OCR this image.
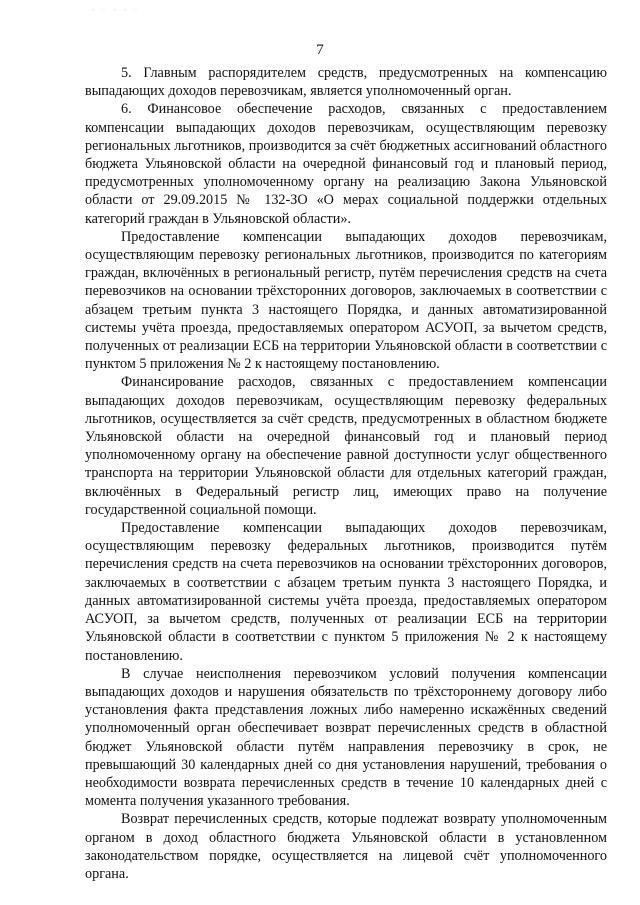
· · · · ·
7

5. Главным распорядителем средств, предусмотренных на компенсацию выпадающих доходов перевозчикам, является уполномоченный орган.

6. Финансовое обеспечение расходов, связанных с предоставлением компенсации выпадающих доходов перевозчикам, осуществляющим перевозку региональных льготников, производится за счёт бюджетных ассигнований областного бюджета Ульяновской области на очередной финансовый год и плановый период, предусмотренных уполномоченному органу на реализацию Закона Ульяновской области от 29.09.2015 № 132-ЗО «О мерах социальной поддержки отдельных категорий граждан в Ульяновской области».

Предоставление компенсации выпадающих доходов перевозчикам, осуществляющим перевозку региональных льготников, производится по категориям граждан, включённых в региональный регистр, путём перечисления средств на счета перевозчиков на основании трёхсторонних договоров, заключаемых в соответствии с абзацем третьим пункта 3 настоящего Порядка, и данных автоматизированной системы учёта проезда, предоставляемых оператором АСУОП, за вычетом средств, полученных от реализации ЕСБ на территории Ульяновской области в соответствии с пунктом 5 приложения № 2 к настоящему постановлению.

Финансирование расходов, связанных с предоставлением компенсации выпадающих доходов перевозчикам, осуществляющим перевозку федеральных льготников, осуществляется за счёт средств, предусмотренных в областном бюджете Ульяновской области на очередной финансовый год и плановый период уполномоченному органу на обеспечение равной доступности услуг общественного транспорта на территории Ульяновской области для отдельных категорий граждан, включённых в Федеральный регистр лиц, имеющих право на получение государственной социальной помощи.

Предоставление компенсации выпадающих доходов перевозчикам, осуществляющим перевозку федеральных льготников, производится путём перечисления средств на счета перевозчиков на основании трёхсторонних договоров, заключаемых в соответствии с абзацем третьим пункта 3 настоящего Порядка, и данных автоматизированной системы учёта проезда, предоставляемых оператором АСУОП, за вычетом средств, полученных от реализации ЕСБ на территории Ульяновской области в соответствии с пунктом 5 приложения № 2 к настоящему постановлению.

В случае неисполнения перевозчиком условий получения компенсации выпадающих доходов и нарушения обязательств по трёхстороннему договору либо установления факта представления ложных либо намеренно искажённых сведений уполномоченный орган обеспечивает возврат перечисленных средств в областной бюджет Ульяновской области путём направления перевозчику в срок, не превышающий 30 календарных дней со дня установления нарушений, требования о необходимости возврата перечисленных средств в течение 10 календарных дней с момента получения указанного требования.

Возврат перечисленных средств, которые подлежат возврату уполномоченным органом в доход областного бюджета Ульяновской области в установленном законодательством порядке, осуществляется на лицевой счёт уполномоченного органа.
